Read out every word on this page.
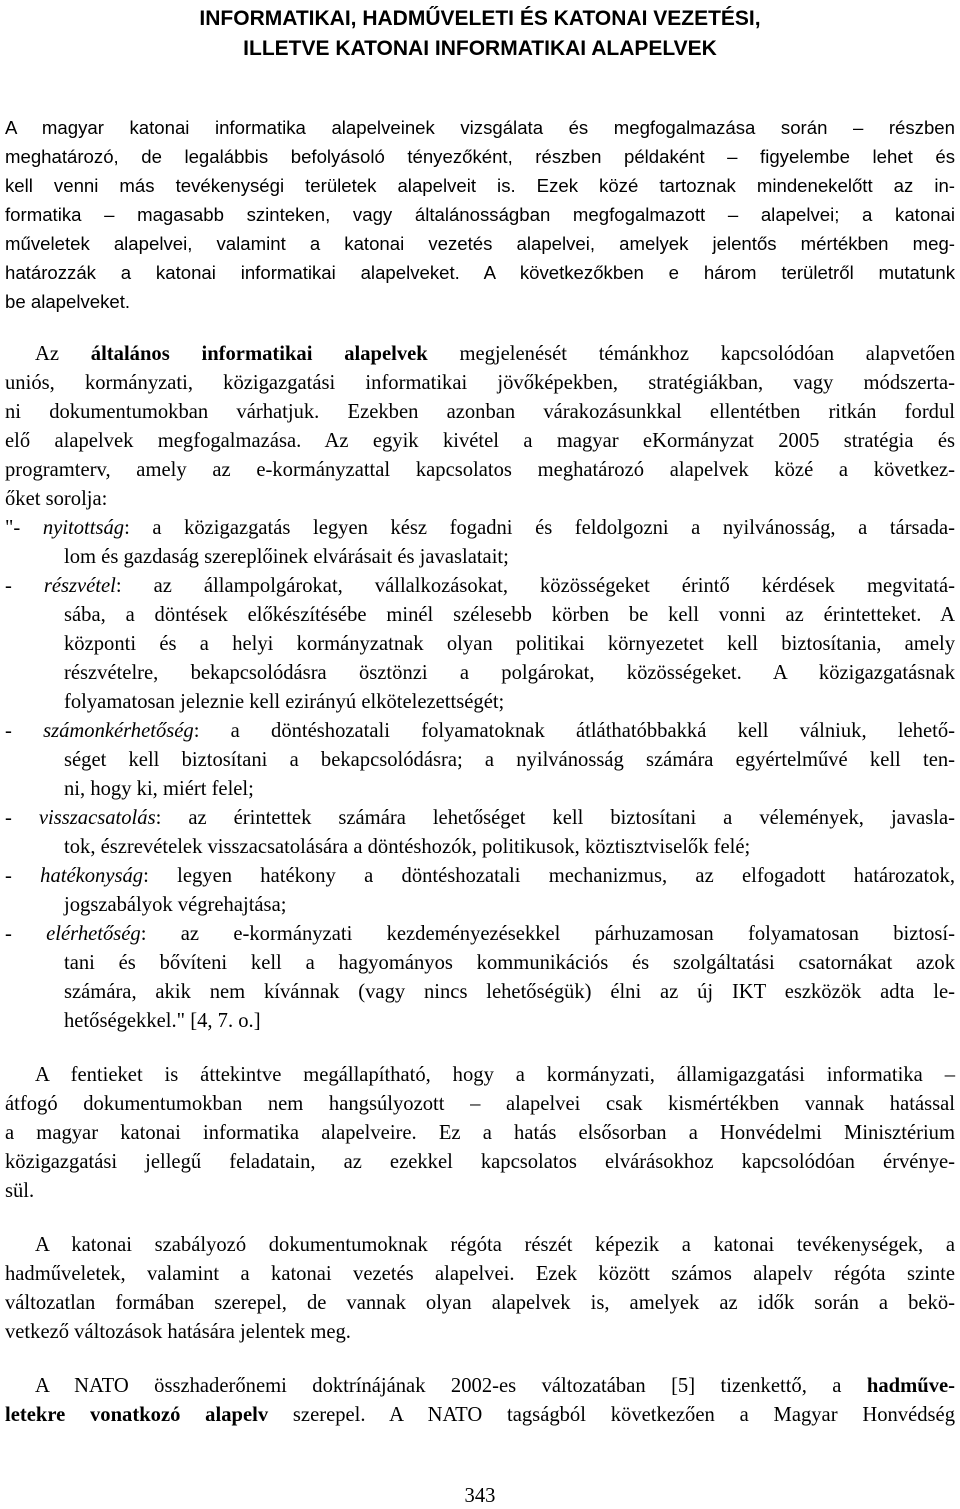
INFORMATIKAI, HADMŰVELETI ÉS KATONAI VEZETÉSI,
ILLETVE KATONAI INFORMATIKAI ALAPELVEK
A magyar katonai informatika alapelveinek vizsgálata és megfogalmazása során – részben
meghatározó, de legalábbis befolyásoló tényezőként, részben példaként – figyelembe lehet és
kell venni más tevékenységi területek alapelveit is. Ezek közé tartoznak mindenekelőtt az in-
formatika – magasabb szinteken, vagy általánosságban megfogalmazott – alapelvei; a katonai
műveletek alapelvei, valamint a katonai vezetés alapelvei, amelyek jelentős mértékben meg-
határozzák a katonai informatikai alapelveket. A következőkben e három területről mutatunk
be alapelveket.
Az általános informatikai alapelvek megjelenését témánkhoz kapcsolódóan alapvetően
uniós, kormányzati, közigazgatási informatikai jövőképekben, stratégiákban, vagy módszerta-
ni dokumentumokban várhatjuk. Ezekben azonban várakozásunkkal ellentétben ritkán fordul
elő alapelvek megfogalmazása. Az egyik kivétel a magyar eKormányzat 2005 stratégia és
programterv, amely az e-kormányzattal kapcsolatos meghatározó alapelvek közé a következ-
őket sorolja:
"- nyitottság: a közigazgatás legyen kész fogadni és feldolgozni a nyilvánosság, a társada-
lom és gazdaság szereplőinek elvárásait és javaslatait;
- részvétel: az állampolgárokat, vállalkozásokat, közösségeket érintő kérdések megvitatá-
sába, a döntések előkészítésébe minél szélesebb körben be kell vonni az érintetteket. A
központi és a helyi kormányzatnak olyan politikai környezetet kell biztosítania, amely
részvételre, bekapcsolódásra ösztönzi a polgárokat, közösségeket. A közigazgatásnak
folyamatosan jeleznie kell ezirányú elkötelezettségét;
- számonkérhetőség: a döntéshozatali folyamatoknak átláthatóbbakká kell válniuk, lehető-
séget kell biztosítani a bekapcsolódásra; a nyilvánosság számára egyértelművé kell ten-
ni, hogy ki, miért felel;
- visszacsatolás: az érintettek számára lehetőséget kell biztosítani a vélemények, javasla-
tok, észrevételek visszacsatolására a döntéshozók, politikusok, köztisztviselők felé;
- hatékonyság: legyen hatékony a döntéshozatali mechanizmus, az elfogadott határozatok,
jogszabályok végrehajtása;
- elérhetőség: az e-kormányzati kezdeményezésekkel párhuzamosan folyamatosan biztosí-
tani és bővíteni kell a hagyományos kommunikációs és szolgáltatási csatornákat azok
számára, akik nem kívánnak (vagy nincs lehetőségük) élni az új IKT eszközök adta le-
hetőségekkel." [4, 7. o.]
A fentieket is áttekintve megállapítható, hogy a kormányzati, államigazgatási informatika –
átfogó dokumentumokban nem hangsúlyozott – alapelvei csak kismértékben vannak hatással
a magyar katonai informatika alapelveire. Ez a hatás elsősorban a Honvédelmi Minisztérium
közigazgatási jellegű feladatain, az ezekkel kapcsolatos elvárásokhoz kapcsolódóan érvénye-
sül.
A katonai szabályozó dokumentumoknak régóta részét képezik a katonai tevékenységek, a
hadműveletek, valamint a katonai vezetés alapelvei. Ezek között számos alapelv régóta szinte
változatlan formában szerepel, de vannak olyan alapelvek is, amelyek az idők során a bekö-
vetkező változások hatására jelentek meg.
A NATO összhaderőnemi doktrínájának 2002-es változatában [5] tizenkettő, a hadműve-
letekre vonatkozó alapelv szerepel. A NATO tagságból következően a Magyar Honvédség
343
